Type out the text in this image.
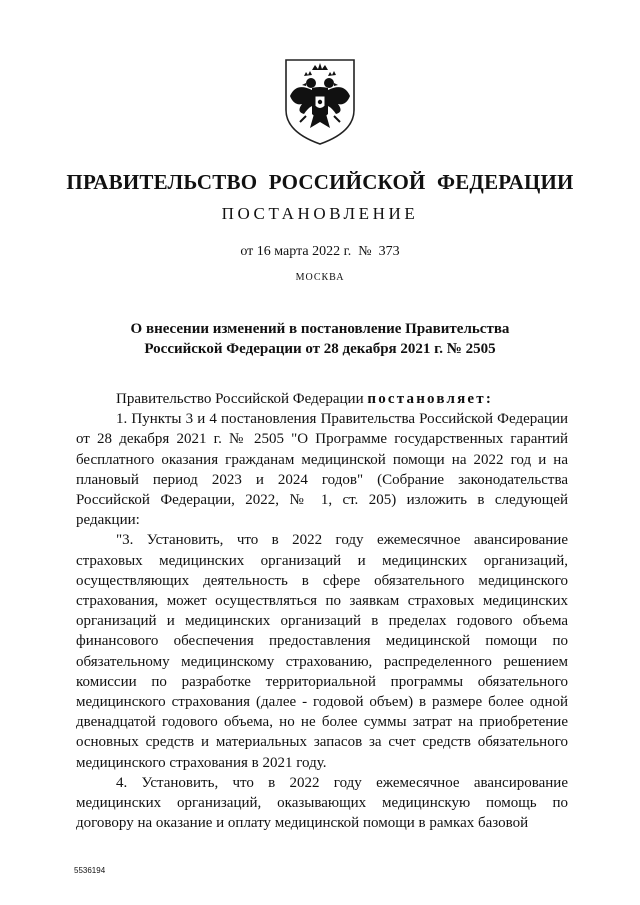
ПРАВИТЕЛЬСТВО РОССИЙСКОЙ ФЕДЕРАЦИИ
ПОСТАНОВЛЕНИЕ
от 16 марта 2022 г. № 373
МОСКВА
О внесении изменений в постановление Правительства
Российской Федерации от 28 декабря 2021 г. № 2505

Правительство Российской Федерации постановляет:

1. Пункты 3 и 4 постановления Правительства Российской Федерации от 28 декабря 2021 г. № 2505 "О Программе государственных гарантий бесплатного оказания гражданам медицинской помощи на 2022 год и на плановый период 2023 и 2024 годов" (Собрание законодательства Российской Федерации, 2022, № 1, ст. 205) изложить в следующей редакции:

"3. Установить, что в 2022 году ежемесячное авансирование страховых медицинских организаций и медицинских организаций, осуществляющих деятельность в сфере обязательного медицинского страхования, может осуществляться по заявкам страховых медицинских организаций и медицинских организаций в пределах годового объема финансового обеспечения предоставления медицинской помощи по обязательному медицинскому страхованию, распределенного решением комиссии по разработке территориальной программы обязательного медицинского страхования (далее - годовой объем) в размере более одной двенадцатой годового объема, но не более суммы затрат на приобретение основных средств и материальных запасов за счет средств обязательного медицинского страхования в 2021 году.

4. Установить, что в 2022 году ежемесячное авансирование медицинских организаций, оказывающих медицинскую помощь по договору на оказание и оплату медицинской помощи в рамках базовой

5536194
